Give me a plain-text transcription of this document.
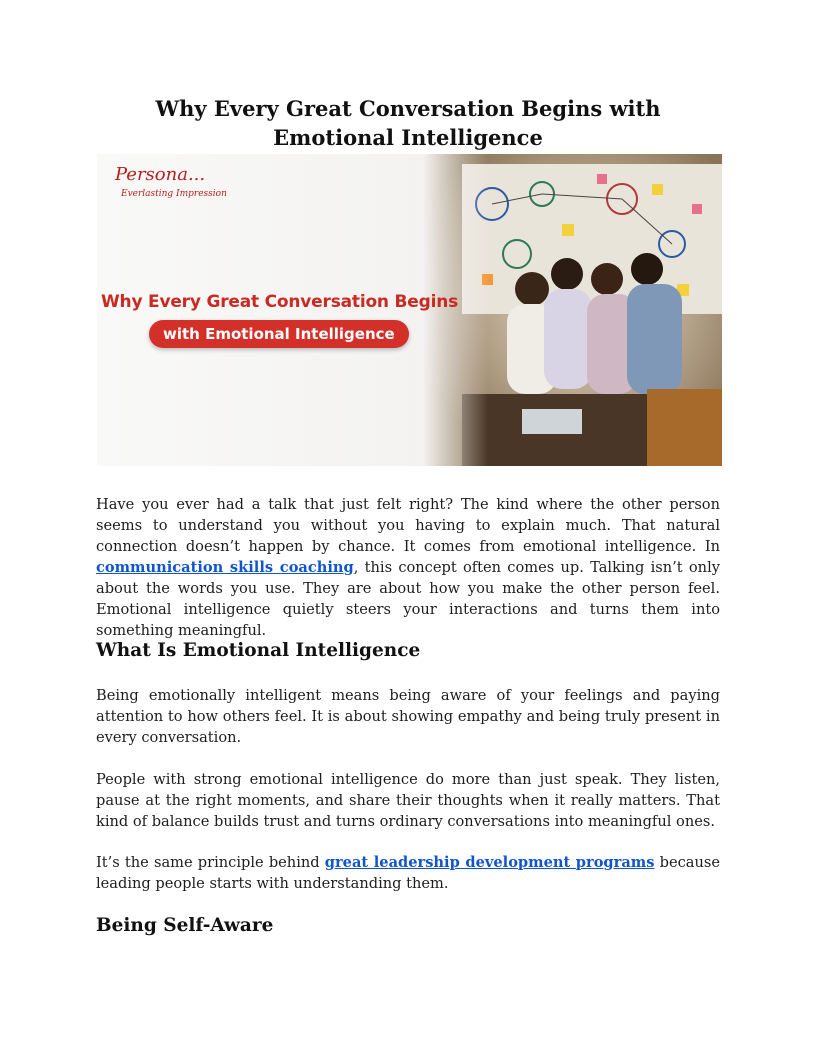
Why Every Great Conversation Begins with Emotional Intelligence
Persona...
Everlasting Impression
Why Every Great Conversation Begins
with Emotional Intelligence

Have you ever had a talk that just felt right? The kind where the other person seems to understand you without you having to explain much. That natural connection doesn’t happen by chance. It comes from emotional intelligence. In communication skills coaching, this concept often comes up. Talking isn’t only about the words you use. They are about how you make the other person feel. Emotional intelligence quietly steers your interactions and turns them into something meaningful.

What Is Emotional Intelligence

Being emotionally intelligent means being aware of your feelings and paying attention to how others feel. It is about showing empathy and being truly present in every conversation.

People with strong emotional intelligence do more than just speak. They listen, pause at the right moments, and share their thoughts when it really matters. That kind of balance builds trust and turns ordinary conversations into meaningful ones.

It’s the same principle behind great leadership development programs because leading people starts with understanding them.

Being Self-Aware
